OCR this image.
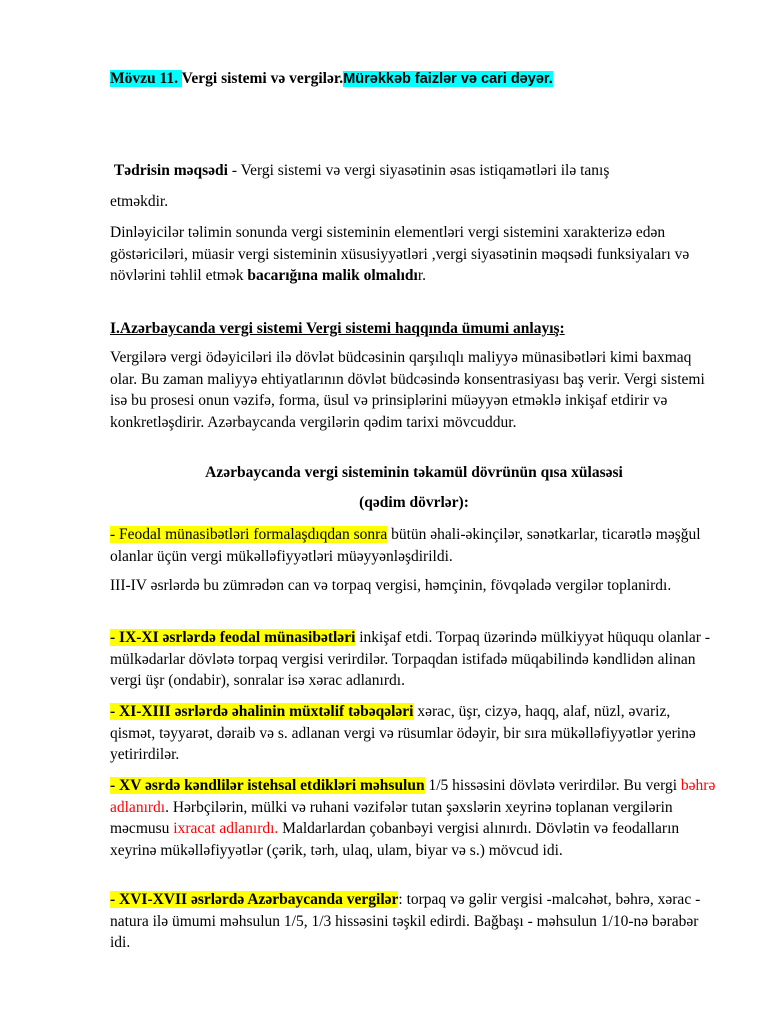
Mövzu 11. Vergi sistemi və vergilər.Mürəkkəb faizlər və cari dəyər.
Tədrisin məqsədi - Vergi sistemi və vergi siyasətinin əsas istiqamətləri ilə tanış
etməkdir.
Dinləyicilər təlimin sonunda vergi sisteminin elementləri vergi sistemini xarakterizə edən göstəriciləri, müasir vergi sisteminin xüsusiyyətləri ,vergi siyasətinin məqsədi funksiyaları və növlərini təhlil etmək bacarığına malik olmalıdır.
I.Azərbaycanda vergi sistemi Vergi sistemi haqqında ümumi anlayış:
Vergilərə vergi ödəyiciləri ilə dövlət büdcəsinin qarşılıqlı maliyyə münasibətləri kimi baxmaq olar. Bu zaman maliyyə ehtiyatlarının dövlət büdcəsində konsentrasiyası baş verir. Vergi sistemi isə bu prosesi onun vəzifə, forma, üsul və prinsiplərini müəyyən etməklə inkişaf etdirir və konkretləşdirir. Azərbaycanda vergilərin qədim tarixi mövcuddur.
Azərbaycanda vergi sisteminin təkamül dövrünün qısa xülasəsi
(qədim dövrlər):
- Feodal münasibətləri formalaşdıqdan sonra bütün əhali-əkinçilər, sənətkarlar, ticarətlə məşğul olanlar üçün vergi mükəlləfiyyətləri müəyyənləşdirildi.
III-IV əsrlərdə bu zümrədən can və torpaq vergisi, həmçinin, fövqəladə vergilər toplanirdı.
- IX-XI əsrlərdə feodal münasibətləri inkişaf etdi. Torpaq üzərində mülkiyyət hüququ olanlar - mülkədarlar dövlətə torpaq vergisi verirdilər. Torpaqdan istifadə müqabilində kəndlidən alinan vergi üşr (ondabir), sonralar isə xərac adlanırdı.
- XI-XIII əsrlərdə əhalinin müxtəlif təbəqələri xərac, üşr, cizyə, haqq, alaf, nüzl, əvariz, qismət, təyyarət, dəraib və s. adlanan vergi və rüsumlar ödəyir, bir sıra mükəlləfiyyətlər yerinə yetirirdilər.
- XV əsrdə kəndlilər istehsal etdikləri məhsulun 1/5 hissəsini dövlətə verirdilər. Bu vergi bəhrə adlanırdı. Hərbçilərin, mülki və ruhani vəzifələr tutan şəxslərin xeyrinə toplanan vergilərin məcmusu ixracat adlanırdı. Maldarlardan çobanbəyi vergisi alınırdı. Dövlətin və feodalların xeyrinə mükəlləfiyyətlər (çərik, tərh, ulaq, ulam, biyar və s.) mövcud idi.
- XVI-XVII əsrlərdə Azərbaycanda vergilər: torpaq və gəlir vergisi -malcəhət, bəhrə, xərac - natura ilə ümumi məhsulun 1/5, 1/3 hissəsini təşkil edirdi. Bağbaşı - məhsulun 1/10-nə bərabər idi.
